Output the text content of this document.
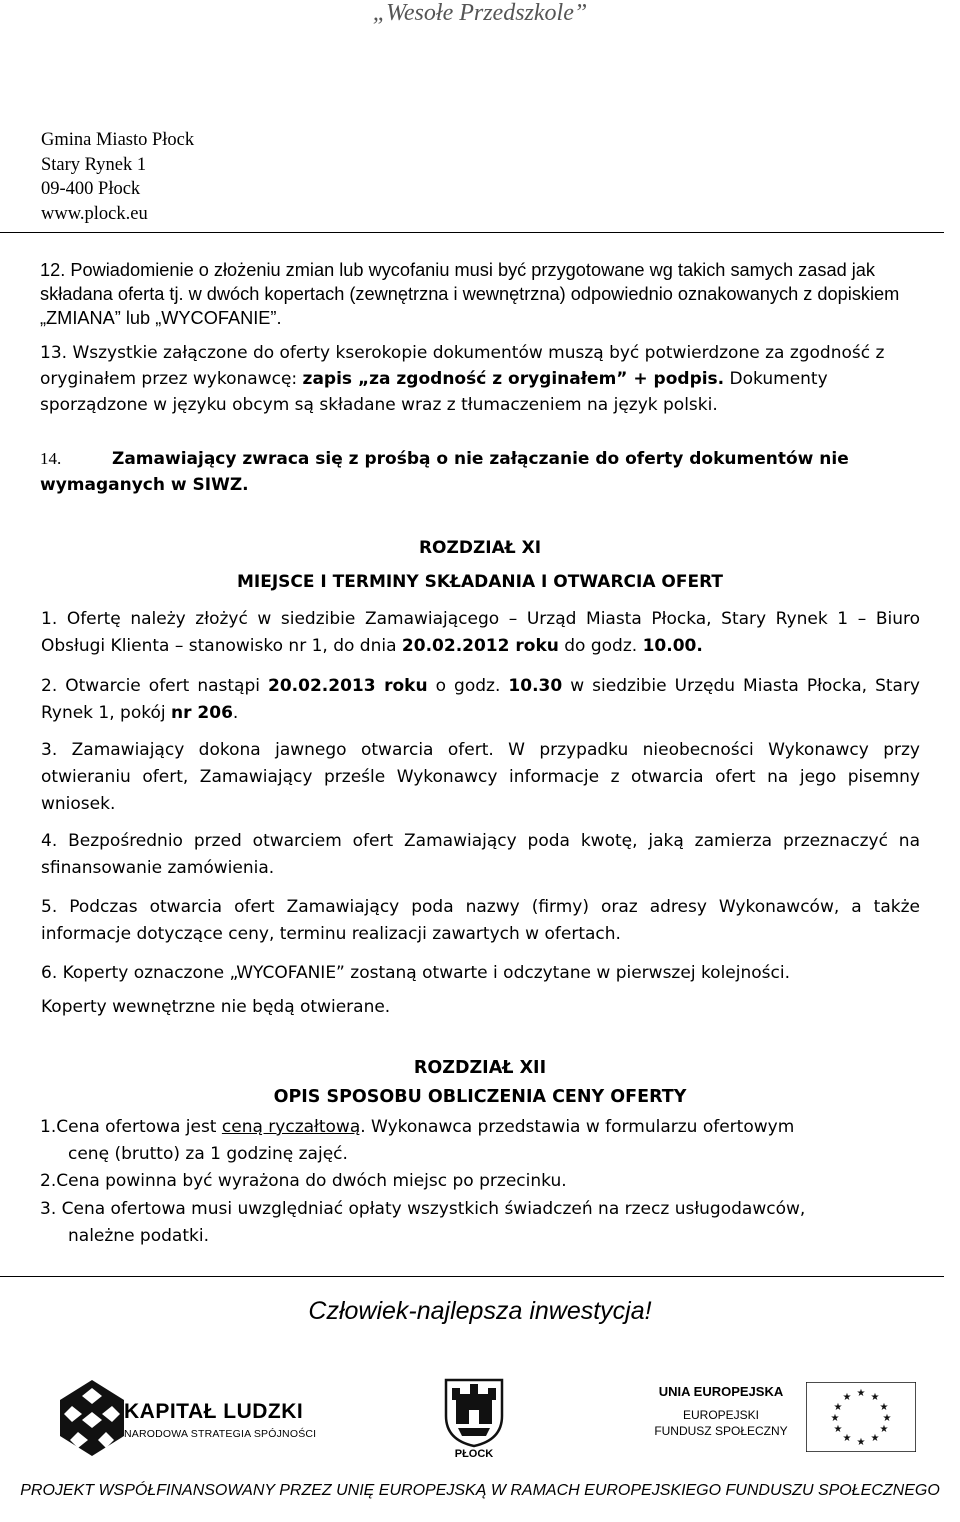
„Wesołe Przedszkole”
Gmina Miasto Płock
Stary Rynek 1
09-400 Płock
www.plock.eu
12. Powiadomienie o złożeniu zmian lub wycofaniu musi być przygotowane wg takich samych zasad jak składana oferta tj. w dwóch kopertach (zewnętrzna i wewnętrzna) odpowiednio oznakowanych z dopiskiem „ZMIANA” lub „WYCOFANIE”.
13. Wszystkie załączone do oferty kserokopie dokumentów muszą być potwierdzone za zgodność z oryginałem przez wykonawcę: zapis „za zgodność z oryginałem” + podpis. Dokumenty sporządzone w języku obcym są składane wraz z tłumaczeniem na język polski.
14.	Zamawiający zwraca się z prośbą o nie załączanie do oferty dokumentów nie wymaganych w SIWZ.
ROZDZIAŁ XI
MIEJSCE I TERMINY SKŁADANIA I OTWARCIA OFERT
1. Ofertę należy złożyć w siedzibie Zamawiającego – Urząd Miasta Płocka, Stary Rynek 1 – Biuro Obsługi Klienta – stanowisko nr 1, do dnia 20.02.2012 roku do godz. 10.00.
2. Otwarcie ofert nastąpi 20.02.2013 roku o godz. 10.30 w siedzibie Urzędu Miasta Płocka, Stary Rynek 1, pokój nr 206.
3. Zamawiający dokona jawnego otwarcia ofert. W przypadku nieobecności Wykonawcy przy otwieraniu ofert, Zamawiający prześle Wykonawcy informacje z otwarcia ofert na jego pisemny wniosek.
4. Bezpośrednio przed otwarciem ofert Zamawiający poda kwotę, jaką zamierza przeznaczyć na sfinansowanie zamówienia.
5. Podczas otwarcia ofert Zamawiający poda nazwy (firmy) oraz adresy Wykonawców, a także informacje dotyczące ceny, terminu realizacji zawartych w ofertach.
6. Koperty oznaczone „WYCOFANIE” zostaną otwarte i odczytane w pierwszej kolejności.
Koperty wewnętrzne nie będą otwierane.
ROZDZIAŁ XII
OPIS SPOSOBU OBLICZENIA CENY OFERTY
1.Cena ofertowa jest ceną ryczałtową. Wykonawca przedstawia w formularzu ofertowym
cenę (brutto) za 1 godzinę zajęć.
2.Cena powinna być wyrażona do dwóch miejsc po przecinku.
3. Cena ofertowa musi uwzględniać opłaty wszystkich świadczeń na rzecz usługodawców,
należne podatki.
Człowiek-najlepsza inwestycja!
KAPITAŁ LUDZKI
NARODOWA STRATEGIA SPÓJNOŚCI
PŁOCK
UNIA EUROPEJSKA
EUROPEJSKI
FUNDUSZ SPOŁECZNY
★ ★
★
★
★
★
★
★
★
★
★
★
PROJEKT WSPÓŁFINANSOWANY PRZEZ UNIĘ EUROPEJSKĄ W RAMACH EUROPEJSKIEGO FUNDUSZU SPOŁECZNEGO
